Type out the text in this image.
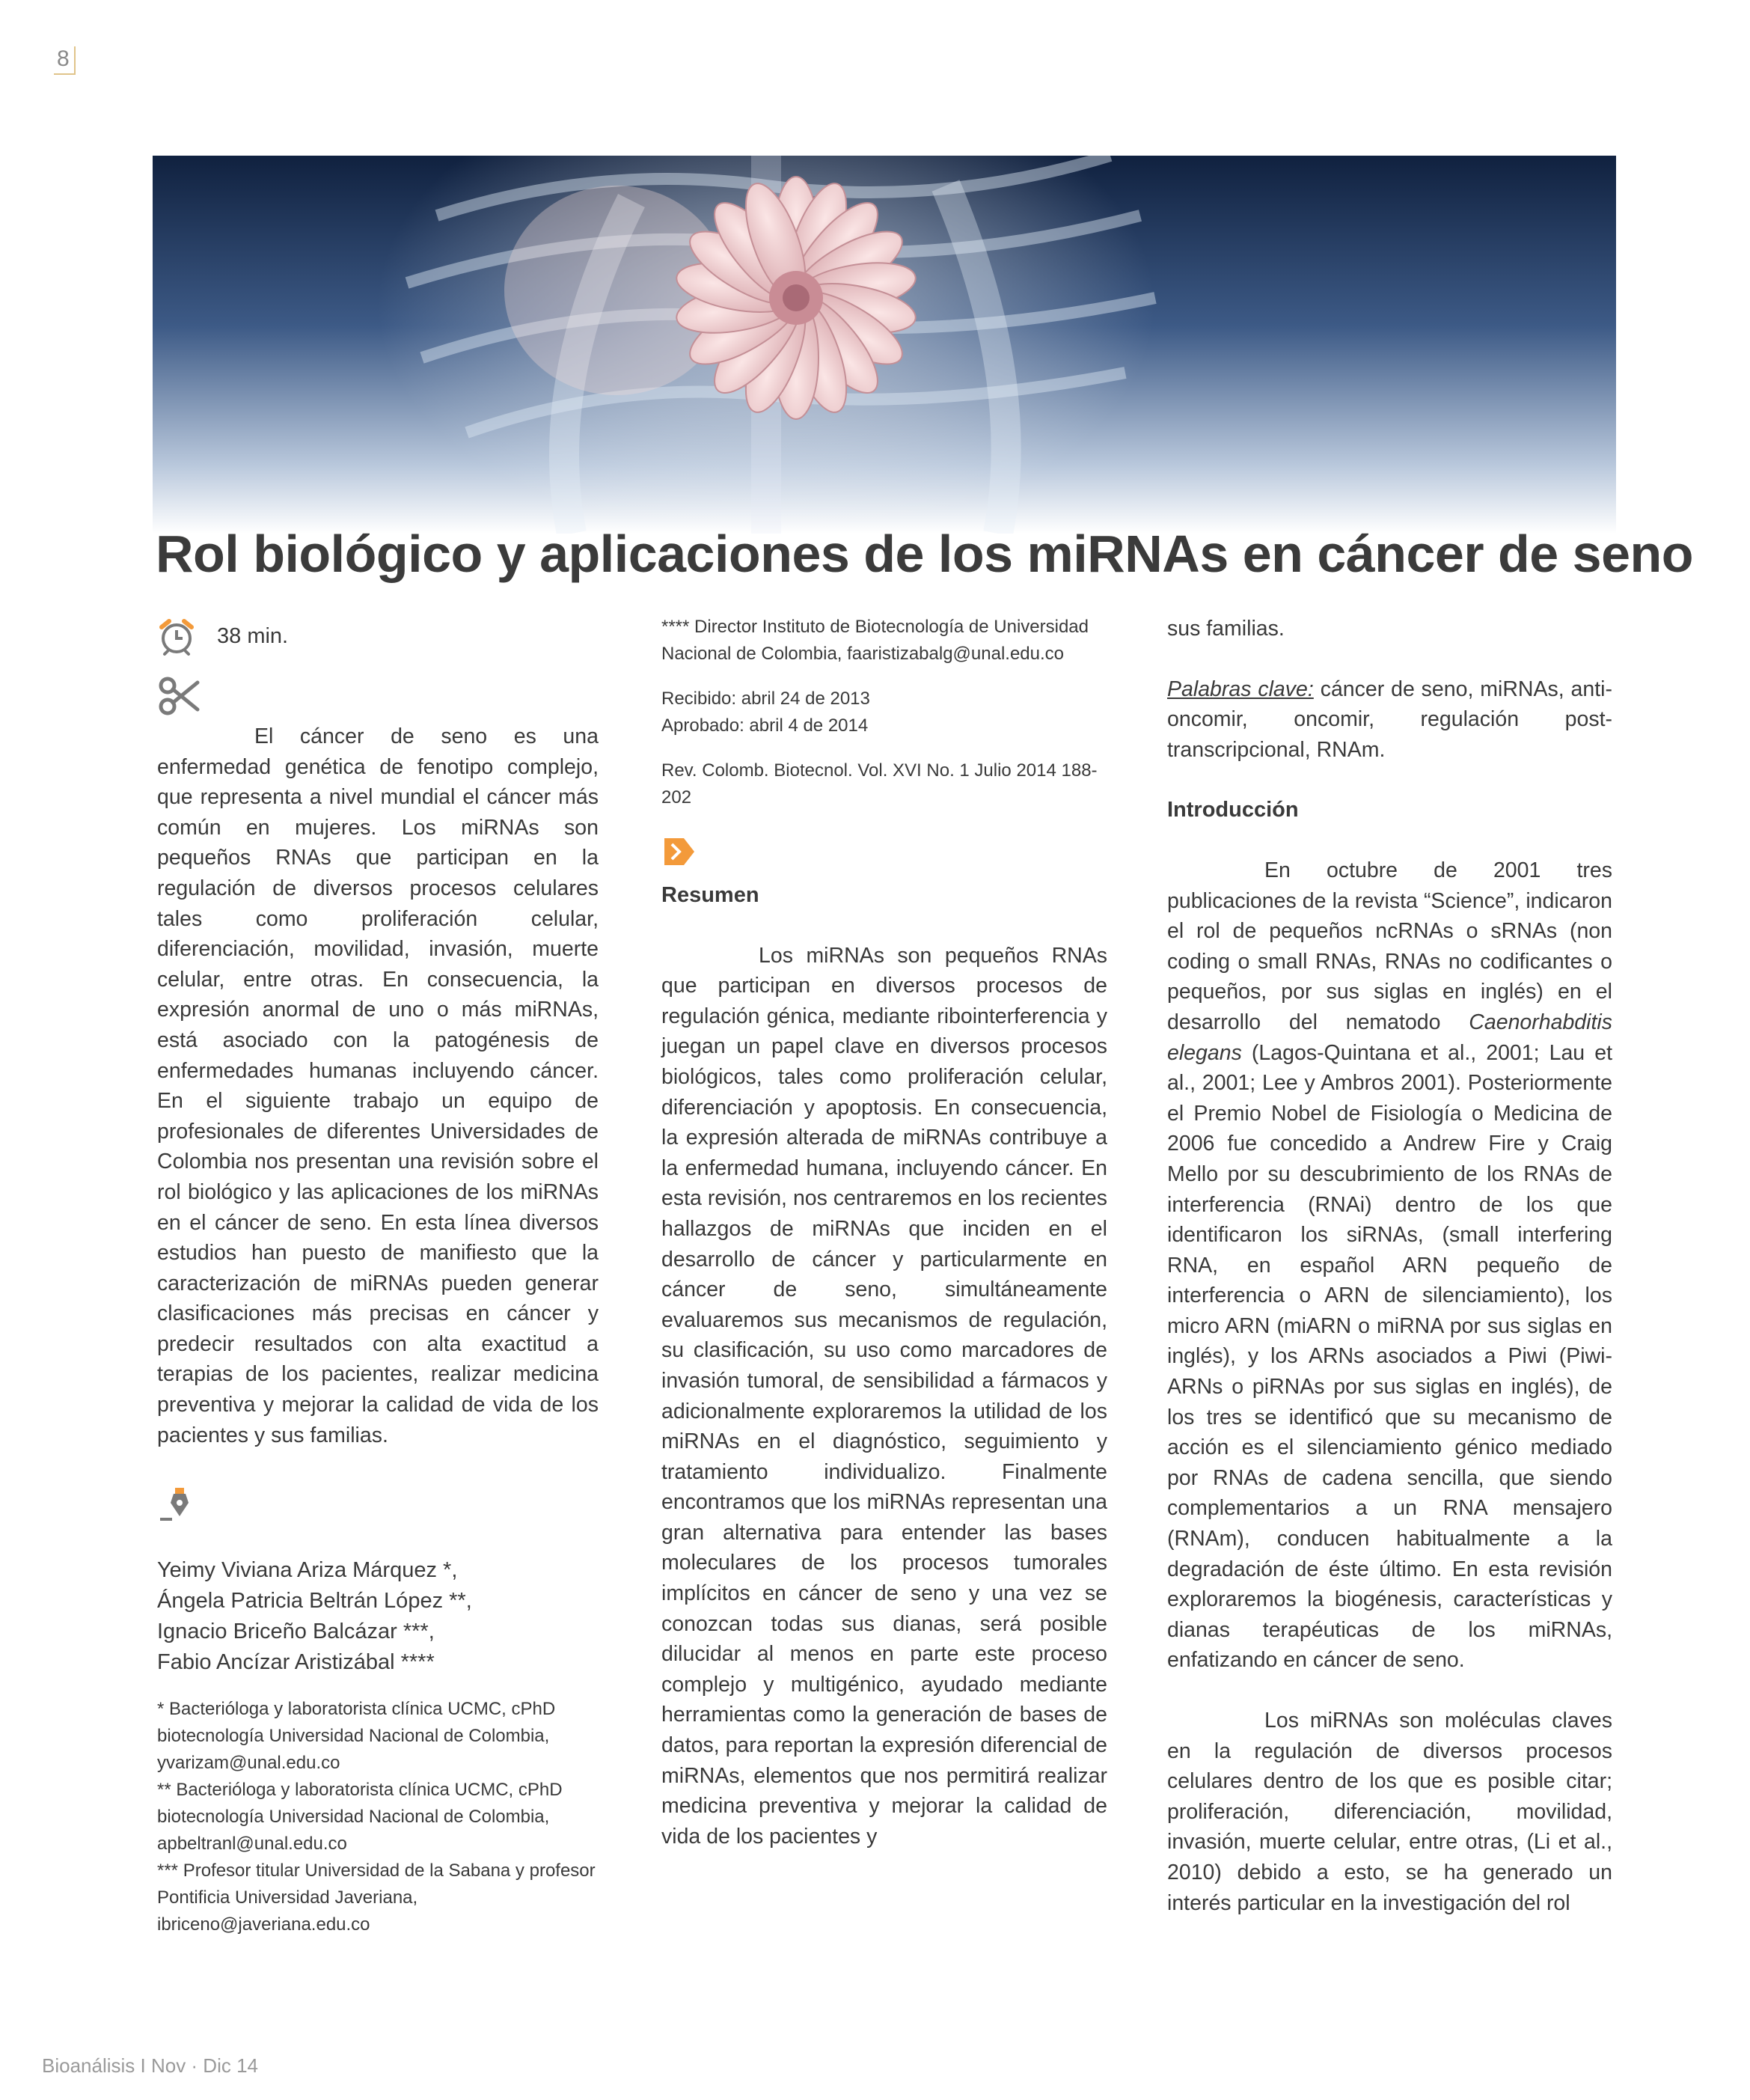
8
Rol biológico y aplicaciones de los miRNAs en cáncer de seno
38 min.

El cáncer de seno es una enfermedad genética de fenotipo complejo, que representa a nivel mundial el cáncer más común en mujeres. Los miRNAs son pequeños RNAs que participan en la regulación de diversos procesos celulares tales como proliferación celular, diferenciación, movilidad, invasión, muerte celular, entre otras. En consecuencia, la expresión anormal de uno o más miRNAs, está asociado con la patogénesis de enfermedades humanas incluyendo cáncer. En el siguiente trabajo un equipo de profesionales de diferentes Universidades de Colombia nos presentan una revisión sobre el rol biológico y las aplicaciones de los miRNAs en el cáncer de seno. En esta línea diversos estudios han puesto de manifiesto que la caracterización de miRNAs pueden generar clasificaciones más precisas en cáncer y predecir resultados con alta exactitud a terapias de los pacientes, realizar medicina preventiva y mejorar la calidad de vida de los pacientes y sus familias.

Yeimy Viviana Ariza Márquez *,
Ángela Patricia Beltrán López **,
Ignacio Briceño Balcázar ***,
Fabio Ancízar Aristizábal ****
* Bacterióloga y laboratorista clínica UCMC, cPhD biotecnología Universidad Nacional de Colombia, yvarizam@unal.edu.co
** Bacterióloga y laboratorista clínica UCMC, cPhD biotecnología Universidad Nacional de Colombia, apbeltranl@unal.edu.co
*** Profesor titular Universidad de la Sabana y profesor Pontificia Universidad Javeriana, ibriceno@javeriana.edu.co
**** Director Instituto de Biotecnología de Universidad Nacional de Colombia, faaristizabalg@unal.edu.co
Recibido: abril 24 de 2013
Aprobado: abril 4 de 2014
Rev. Colomb. Biotecnol. Vol. XVI No. 1 Julio 2014 188-202
Resumen

Los miRNAs son pequeños RNAs que participan en diversos procesos de regulación génica, mediante ribointerferencia y juegan un papel clave en diversos procesos biológicos, tales como proliferación celular, diferenciación y apoptosis. En consecuencia, la expresión alterada de miRNAs contribuye a la enfermedad humana, incluyendo cáncer. En esta revisión, nos centraremos en los recientes hallazgos de miRNAs que inciden en el desarrollo de cáncer y particularmente en cáncer de seno, simultáneamente evaluaremos sus mecanismos de regulación, su clasificación, su uso como marcadores de invasión tumoral, de sensibilidad a fármacos y adicionalmente exploraremos la utilidad de los miRNAs en el diagnóstico, seguimiento y tratamiento individualizo. Finalmente encontramos que los miRNAs representan una gran alternativa para entender las bases moleculares de los procesos tumorales implícitos en cáncer de seno y una vez se conozcan todas sus dianas, será posible dilucidar al menos en parte este proceso complejo y multigénico, ayudado mediante herramientas como la generación de bases de datos, para reportan la expresión diferencial de miRNAs, elementos que nos permitirá realizar medicina preventiva y mejorar la calidad de vida de los pacientes y

sus familias.

Palabras clave: cáncer de seno, miRNAs, anti-oncomir, oncomir, regulación post-transcripcional, RNAm.

Introducción

En octubre de 2001 tres publicaciones de la revista “Science”, indicaron el rol de pequeños ncRNAs o sRNAs (non coding o small RNAs, RNAs no codificantes o pequeños, por sus siglas en inglés) en el desarrollo del nematodo Caenorhabditis elegans (Lagos-Quintana et al., 2001; Lau et al., 2001; Lee y Ambros 2001). Posteriormente el Premio Nobel de Fisiología o Medicina de 2006 fue concedido a Andrew Fire y Craig Mello por su descubrimiento de los RNAs de interferencia (RNAi) dentro de los que identificaron los siRNAs, (small interfering RNA, en español ARN pequeño de interferencia o ARN de silenciamiento), los micro ARN (miARN o miRNA por sus siglas en inglés), y los ARNs asociados a Piwi (Piwi-ARNs o piRNAs por sus siglas en inglés), de los tres se identificó que su mecanismo de acción es el silenciamiento génico mediado por RNAs de cadena sencilla, que siendo complementarios a un RNA mensajero (RNAm), conducen habitualmente a la degradación de éste último. En esta revisión exploraremos la biogénesis, características y dianas terapéuticas de los miRNAs, enfatizando en cáncer de seno.

Los miRNAs son moléculas claves en la regulación de diversos procesos celulares dentro de los que es posible citar; proliferación, diferenciación, movilidad, invasión, muerte celular, entre otras, (Li et al., 2010) debido a esto, se ha generado un interés particular en la investigación del rol

Bioanálisis I Nov · Dic 14
